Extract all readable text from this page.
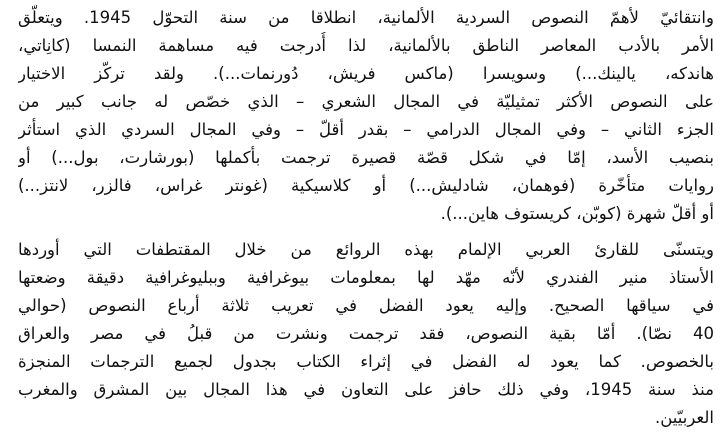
وانتقائيّ لأهمّ النصوص السردية الألمانية، انطلاقا من سنة التحوّل 1945. ويتعلّق
الأمر بالأدب المعاصر الناطق بالألمانية، لذا أُدرجت فيه مساهمة النمسا (كانِاتي،
هاندكه، يالينك...) وسويسرا (ماكس فريش، دُورنمات...). ولقد تركّز الاختيار
على النصوص الأكثر تمثيليّة في المجال الشعري – الذي خصّص له جانب كبير من
الجزء الثاني – وفي المجال الدرامي – بقدر أقلّ – وفي المجال السردي الذي استأثر
بنصيب الأسد، إمّا في شكل قصّة قصيرة ترجمت بأكملها (بورشارت، بول...) أو
روايات متأخّرة (فوهمان، شادليش...) أو كلاسيكية (غونتر غراس، فالزر، لانتز...)
أو أقلّ شهرة (كوبّن، كريستوف هاين...).
ويتسنّى للقارئ العربي الإلمام بهذه الروائع من خلال المقتطفات التي أوردها
الأستاذ منير الفندري لأنّه مهّد لها بمعلومات بيوغرافية وببليوغرافية دقيقة وضعتها
في سياقها الصحيح. وإليه يعود الفضل في تعريب ثلاثة أرباع النصوص (حوالي
40 نصّا). أمّا بقية النصوص، فقد ترجمت ونشرت من قبلُ في مصر والعراق
بالخصوص. كما يعود له الفضل في إثراء الكتاب بجدول لجميع الترجمات المنجزة
منذ سنة 1945، وفي ذلك حافز على التعاون في هذا المجال بين المشرق والمغرب
العربيّين.
